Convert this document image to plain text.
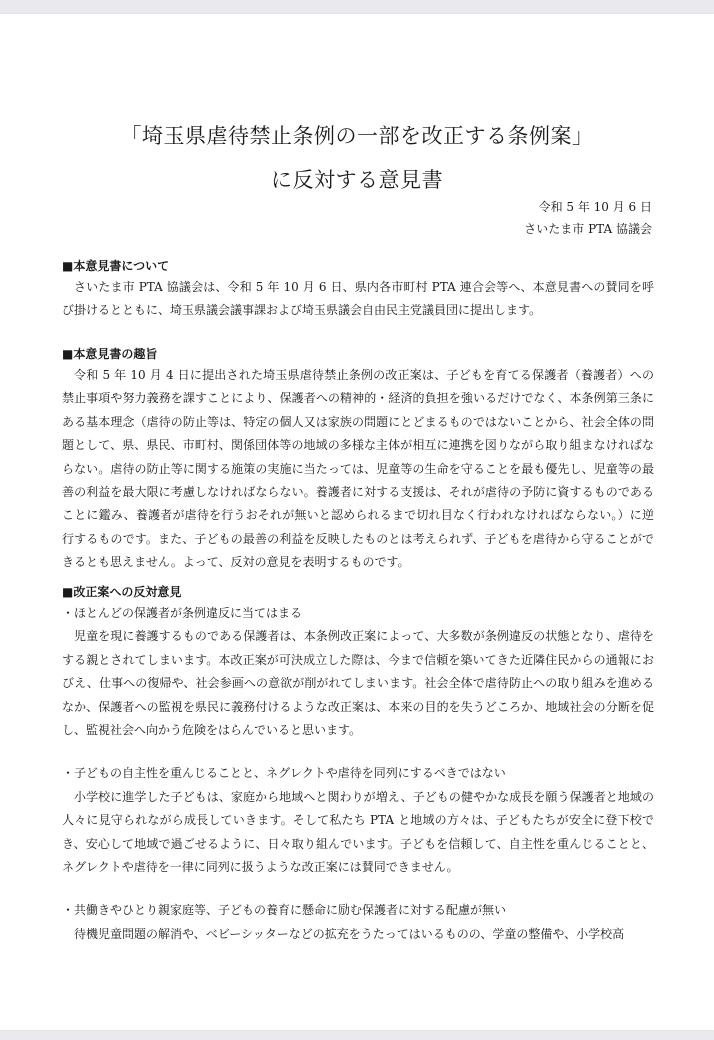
「埼玉県虐待禁止条例の一部を改正する条例案」
に反対する意見書
令和 5 年 10 月 6 日
さいたま市 PTA 協議会
■本意見書について

さいたま市 PTA 協議会は、令和 5 年 10 月 6 日、県内各市町村 PTA 連合会等へ、本意見書への賛同を呼び掛けるとともに、埼玉県議会議事課および埼玉県議会自由民主党議員団に提出します。

■本意見書の趣旨

令和 5 年 10 月 4 日に提出された埼玉県虐待禁止条例の改正案は、子どもを育てる保護者（養護者）への禁止事項や努力義務を課すことにより、保護者への精神的・経済的負担を強いるだけでなく、本条例第三条にある基本理念（虐待の防止等は、特定の個人又は家族の問題にとどまるものではないことから、社会全体の問題として、県、県民、市町村、関係団体等の地域の多様な主体が相互に連携を図りながら取り組まなければならない。虐待の防止等に関する施策の実施に当たっては、児童等の生命を守ることを最も優先し、児童等の最善の利益を最大限に考慮しなければならない。養護者に対する支援は、それが虐待の予防に資するものであることに鑑み、養護者が虐待を行うおそれが無いと認められるまで切れ目なく行われなければならない。）に逆行するものです。また、子どもの最善の利益を反映したものとは考えられず、子どもを虐待から守ることができるとも思えません。よって、反対の意見を表明するものです。

■改正案への反対意見

・ほとんどの保護者が条例違反に当てはまる

児童を現に養護するものである保護者は、本条例改正案によって、大多数が条例違反の状態となり、虐待をする親とされてしまいます。本改正案が可決成立した際は、今まで信頼を築いてきた近隣住民からの通報におびえ、仕事への復帰や、社会参画への意欲が削がれてしまいます。社会全体で虐待防止への取り組みを進めるなか、保護者への監視を県民に義務付けるような改正案は、本来の目的を失うどころか、地域社会の分断を促し、監視社会へ向かう危険をはらんでいると思います。

・子どもの自主性を重んじることと、ネグレクトや虐待を同列にするべきではない

小学校に進学した子どもは、家庭から地域へと関わりが増え、子どもの健やかな成長を願う保護者と地域の人々に見守られながら成長していきます。そして私たち PTA と地域の方々は、子どもたちが安全に登下校でき、安心して地域で過ごせるように、日々取り組んでいます。子どもを信頼して、自主性を重んじることと、ネグレクトや虐待を一律に同列に扱うような改正案には賛同できません。

・共働きやひとり親家庭等、子どもの養育に懸命に励む保護者に対する配慮が無い

待機児童問題の解消や、ベビーシッターなどの拡充をうたってはいるものの、学童の整備や、小学校高
